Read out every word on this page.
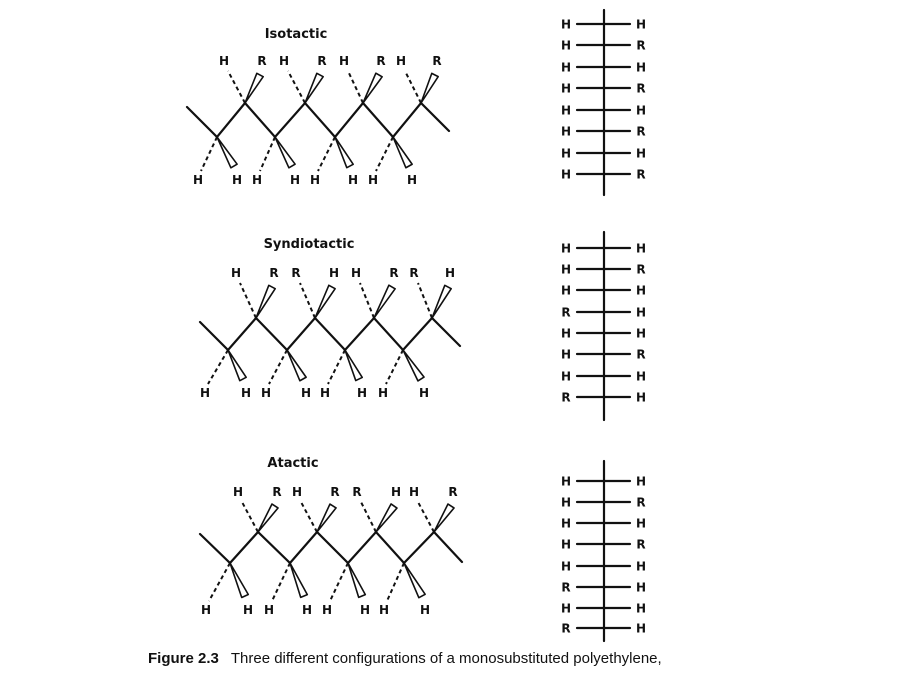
Isotactic
H R H R H R H R
H H H H H H H H
H	H
H	R
H	H
H	R
H	H
H	R
H	H
H	R
Syndiotactic
H R R H H R R H
H	H H H H H H	H
H	H
H	R
H	H
R	H
H	H
H	R
H	H
R	H
Atactic
H R H R R H H R
H	H H H H H H	H
H	H
H	R
H	H
H	R
H	H
R	H
H	H
R	H
Figure 2.3 Three different configurations of a monosubstituted polyethylene,
